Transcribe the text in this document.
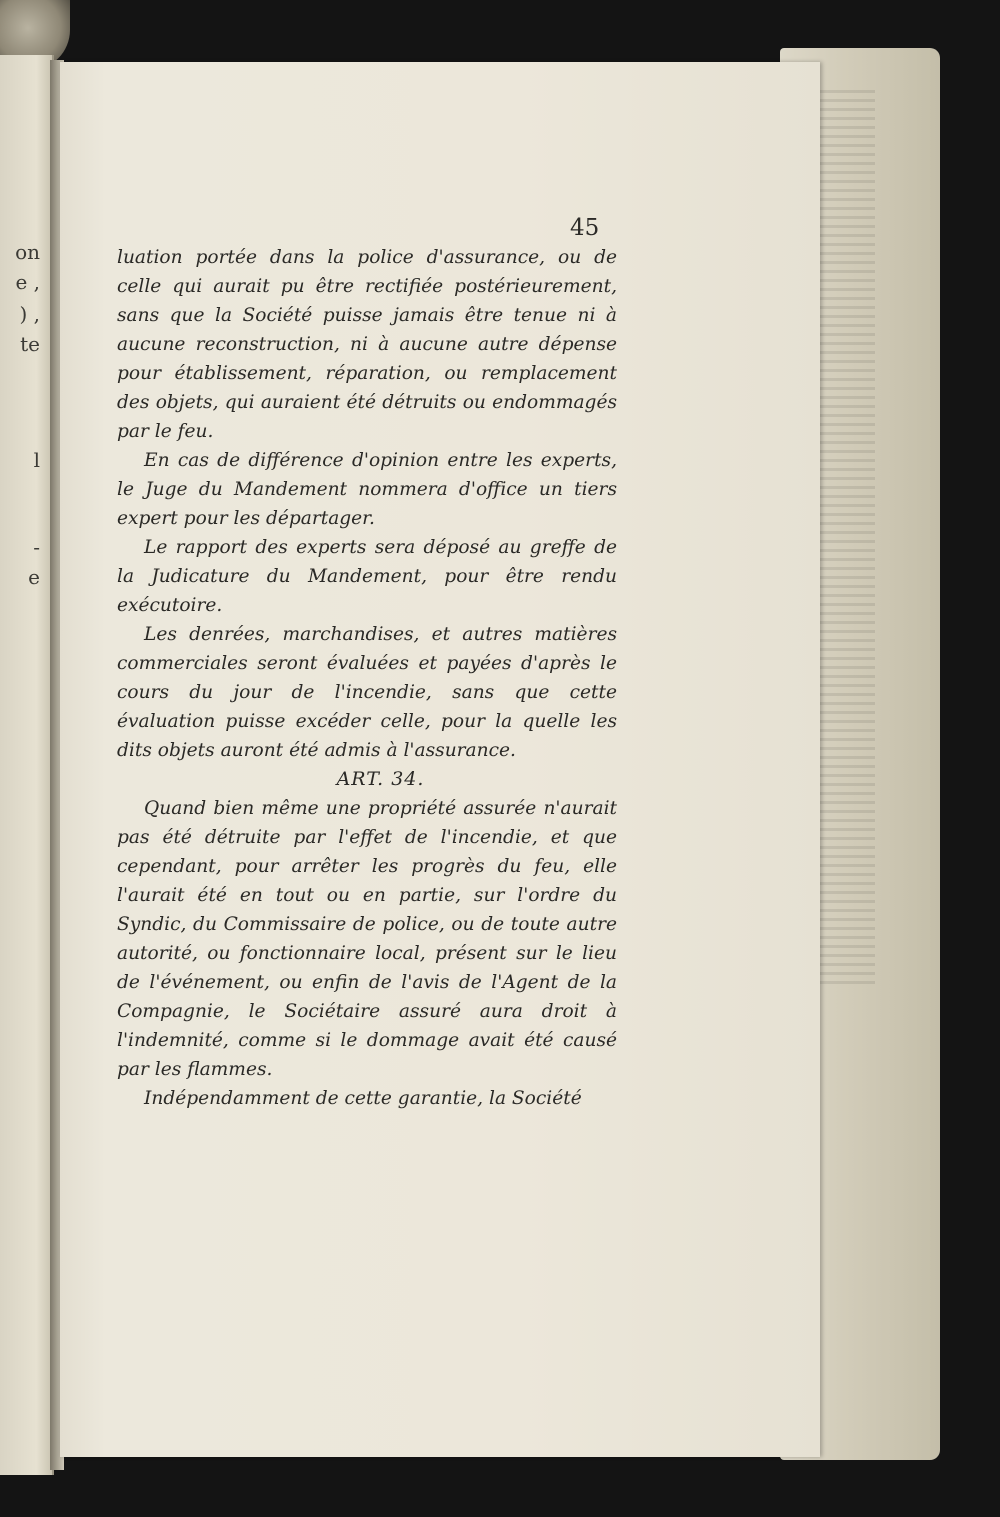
on
e ,
) ,
te
l
-
e
45

luation portée dans la police d'assurance, ou de celle qui aurait pu être rectifiée postérieurement, sans que la Société puisse jamais être tenue ni à aucune reconstruction, ni à aucune autre dépense pour établissement, réparation, ou remplacement des objets, qui auraient été détruits ou endommagés par le feu.

En cas de différence d'opinion entre les experts, le Juge du Mandement nommera d'office un tiers expert pour les départager.

Le rapport des experts sera déposé au greffe de la Judicature du Mandement, pour être rendu exécutoire.

Les denrées, marchandises, et autres matières commerciales seront évaluées et payées d'après le cours du jour de l'incendie, sans que cette évaluation puisse excéder celle, pour la quelle les dits objets auront été admis à l'assurance.

ART. 34.

Quand bien même une propriété assurée n'aurait pas été détruite par l'effet de l'incendie, et que cependant, pour arrêter les progrès du feu, elle l'aurait été en tout ou en partie, sur l'ordre du Syndic, du Commissaire de police, ou de toute autre autorité, ou fonctionnaire local, présent sur le lieu de l'événement, ou enfin de l'avis de l'Agent de la Compagnie, le Sociétaire assuré aura droit à l'indemnité, comme si le dommage avait été causé par les flammes.

Indépendamment de cette garantie, la Société
